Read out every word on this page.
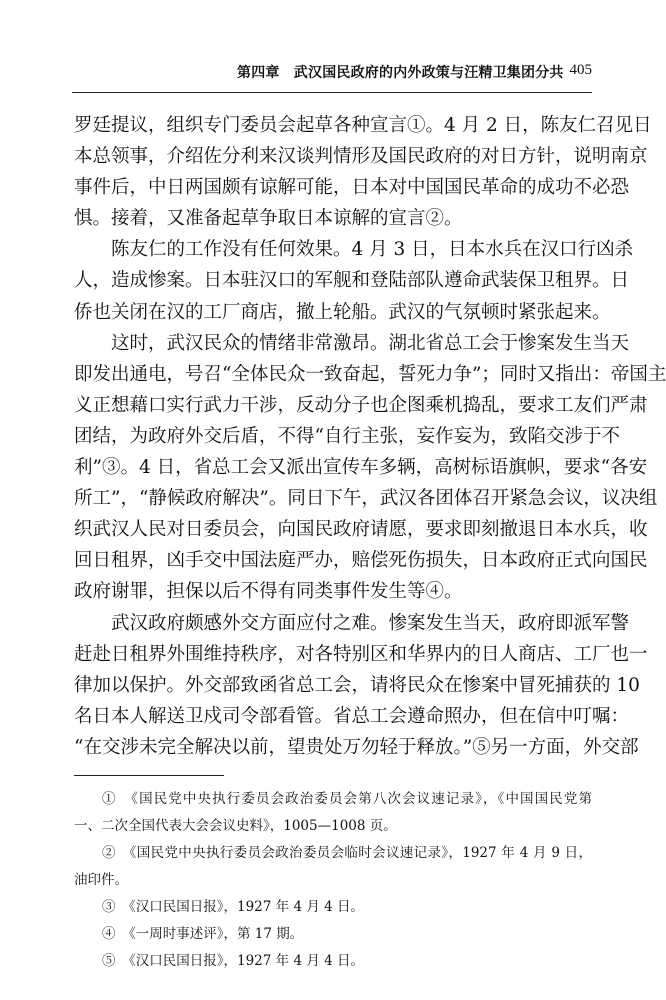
第四章　武汉国民政府的内外政策与汪精卫集团分共 405
罗廷提议，组织专门委员会起草各种宣言①。4 月 2 日，陈友仁召见日
本总领事，介绍佐分利来汉谈判情形及国民政府的对日方针，说明南京
事件后，中日两国颇有谅解可能，日本对中国国民革命的成功不必恐
惧。接着，又准备起草争取日本谅解的宣言②。
陈友仁的工作没有任何效果。4 月 3 日，日本水兵在汉口行凶杀
人，造成惨案。日本驻汉口的军舰和登陆部队遵命武装保卫租界。日
侨也关闭在汉的工厂商店，撤上轮船。武汉的气氛顿时紧张起来。
这时，武汉民众的情绪非常激昂。湖北省总工会于惨案发生当天
即发出通电，号召“全体民众一致奋起，誓死力争”；同时又指出：帝国主
义正想藉口实行武力干涉，反动分子也企图乘机捣乱，要求工友们严肃
团结，为政府外交后盾，不得“自行主张，妄作妄为，致陷交涉于不
利”③。4 日，省总工会又派出宣传车多辆，高树标语旗帜，要求“各安
所工”，“静候政府解决”。同日下午，武汉各团体召开紧急会议，议决组
织武汉人民对日委员会，向国民政府请愿，要求即刻撤退日本水兵，收
回日租界，凶手交中国法庭严办，赔偿死伤损失，日本政府正式向国民
政府谢罪，担保以后不得有同类事件发生等④。
武汉政府颇感外交方面应付之难。惨案发生当天，政府即派军警
赶赴日租界外围维持秩序，对各特别区和华界内的日人商店、工厂也一
律加以保护。外交部致函省总工会，请将民众在惨案中冒死捕获的 10
名日本人解送卫戍司令部看管。省总工会遵命照办，但在信中叮嘱：
“在交涉未完全解决以前，望贵处万勿轻于释放。”⑤另一方面，外交部
①　《国民党中央执行委员会政治委员会第八次会议速记录》，《中国国民党第
一、二次全国代表大会会议史料》，1005—1008 页。
②　《国民党中央执行委员会政治委员会临时会议速记录》，1927 年 4 月 9 日，
油印件。
③　《汉口民国日报》，1927 年 4 月 4 日。
④　《一周时事述评》，第 17 期。
⑤　《汉口民国日报》，1927 年 4 月 4 日。
